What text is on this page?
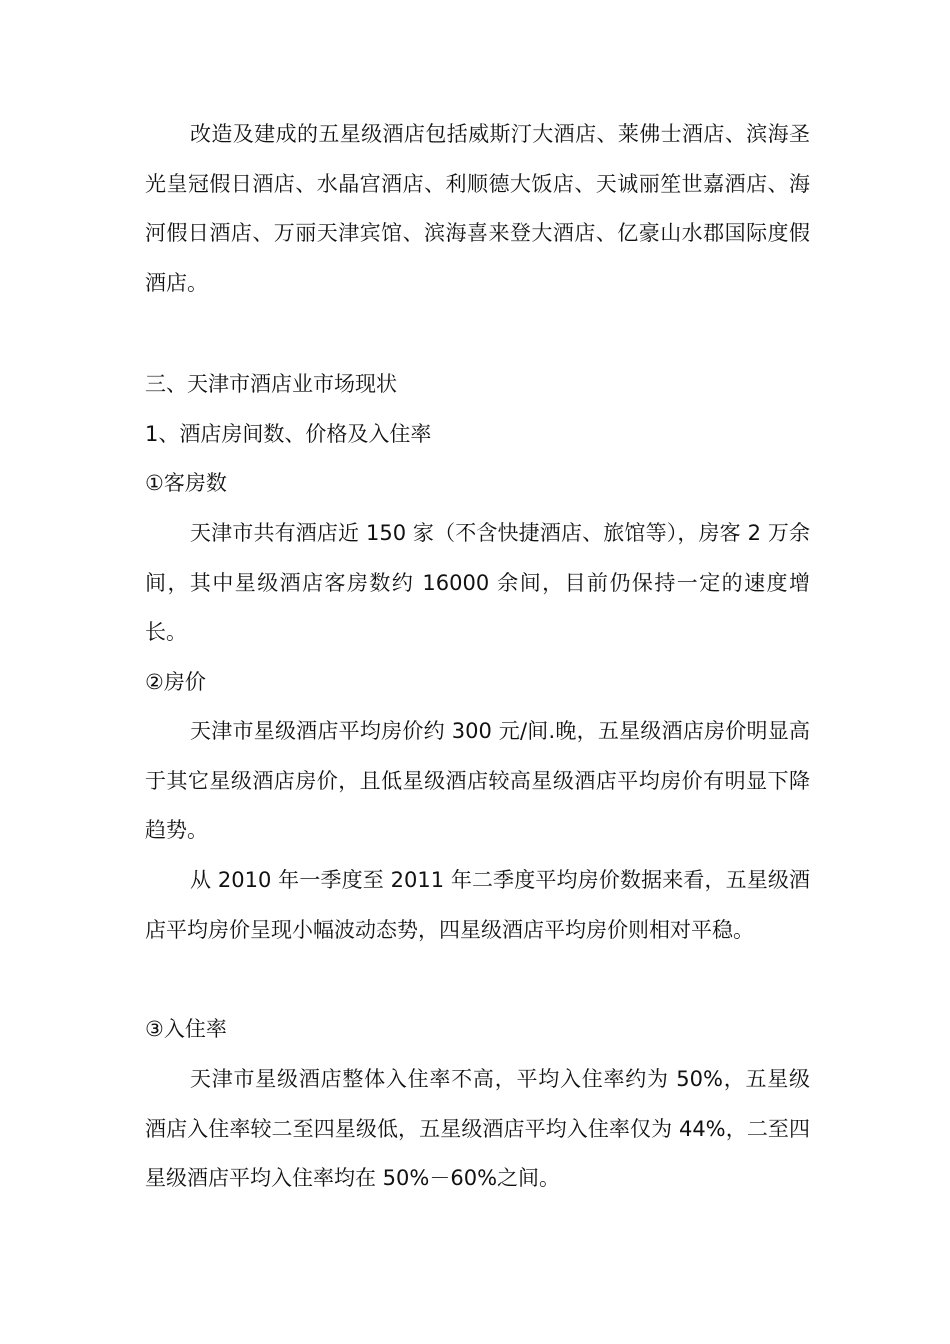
改造及建成的五星级酒店包括威斯汀大酒店、莱佛士酒店、滨海圣光皇冠假日酒店、水晶宫酒店、利顺德大饭店、天诚丽笙世嘉酒店、海河假日酒店、万丽天津宾馆、滨海喜来登大酒店、亿豪山水郡国际度假酒店。

三、天津市酒店业市场现状

1、酒店房间数、价格及入住率

①客房数

天津市共有酒店近 150 家（不含快捷酒店、旅馆等），房客 2 万余间，其中星级酒店客房数约 16000 余间，目前仍保持一定的速度增长。

②房价

天津市星级酒店平均房价约 300 元/间.晚，五星级酒店房价明显高于其它星级酒店房价，且低星级酒店较高星级酒店平均房价有明显下降趋势。

从 2010 年一季度至 2011 年二季度平均房价数据来看，五星级酒店平均房价呈现小幅波动态势，四星级酒店平均房价则相对平稳。

③入住率

天津市星级酒店整体入住率不高，平均入住率约为 50%，五星级酒店入住率较二至四星级低，五星级酒店平均入住率仅为 44%，二至四星级酒店平均入住率均在 50%－60%之间。
